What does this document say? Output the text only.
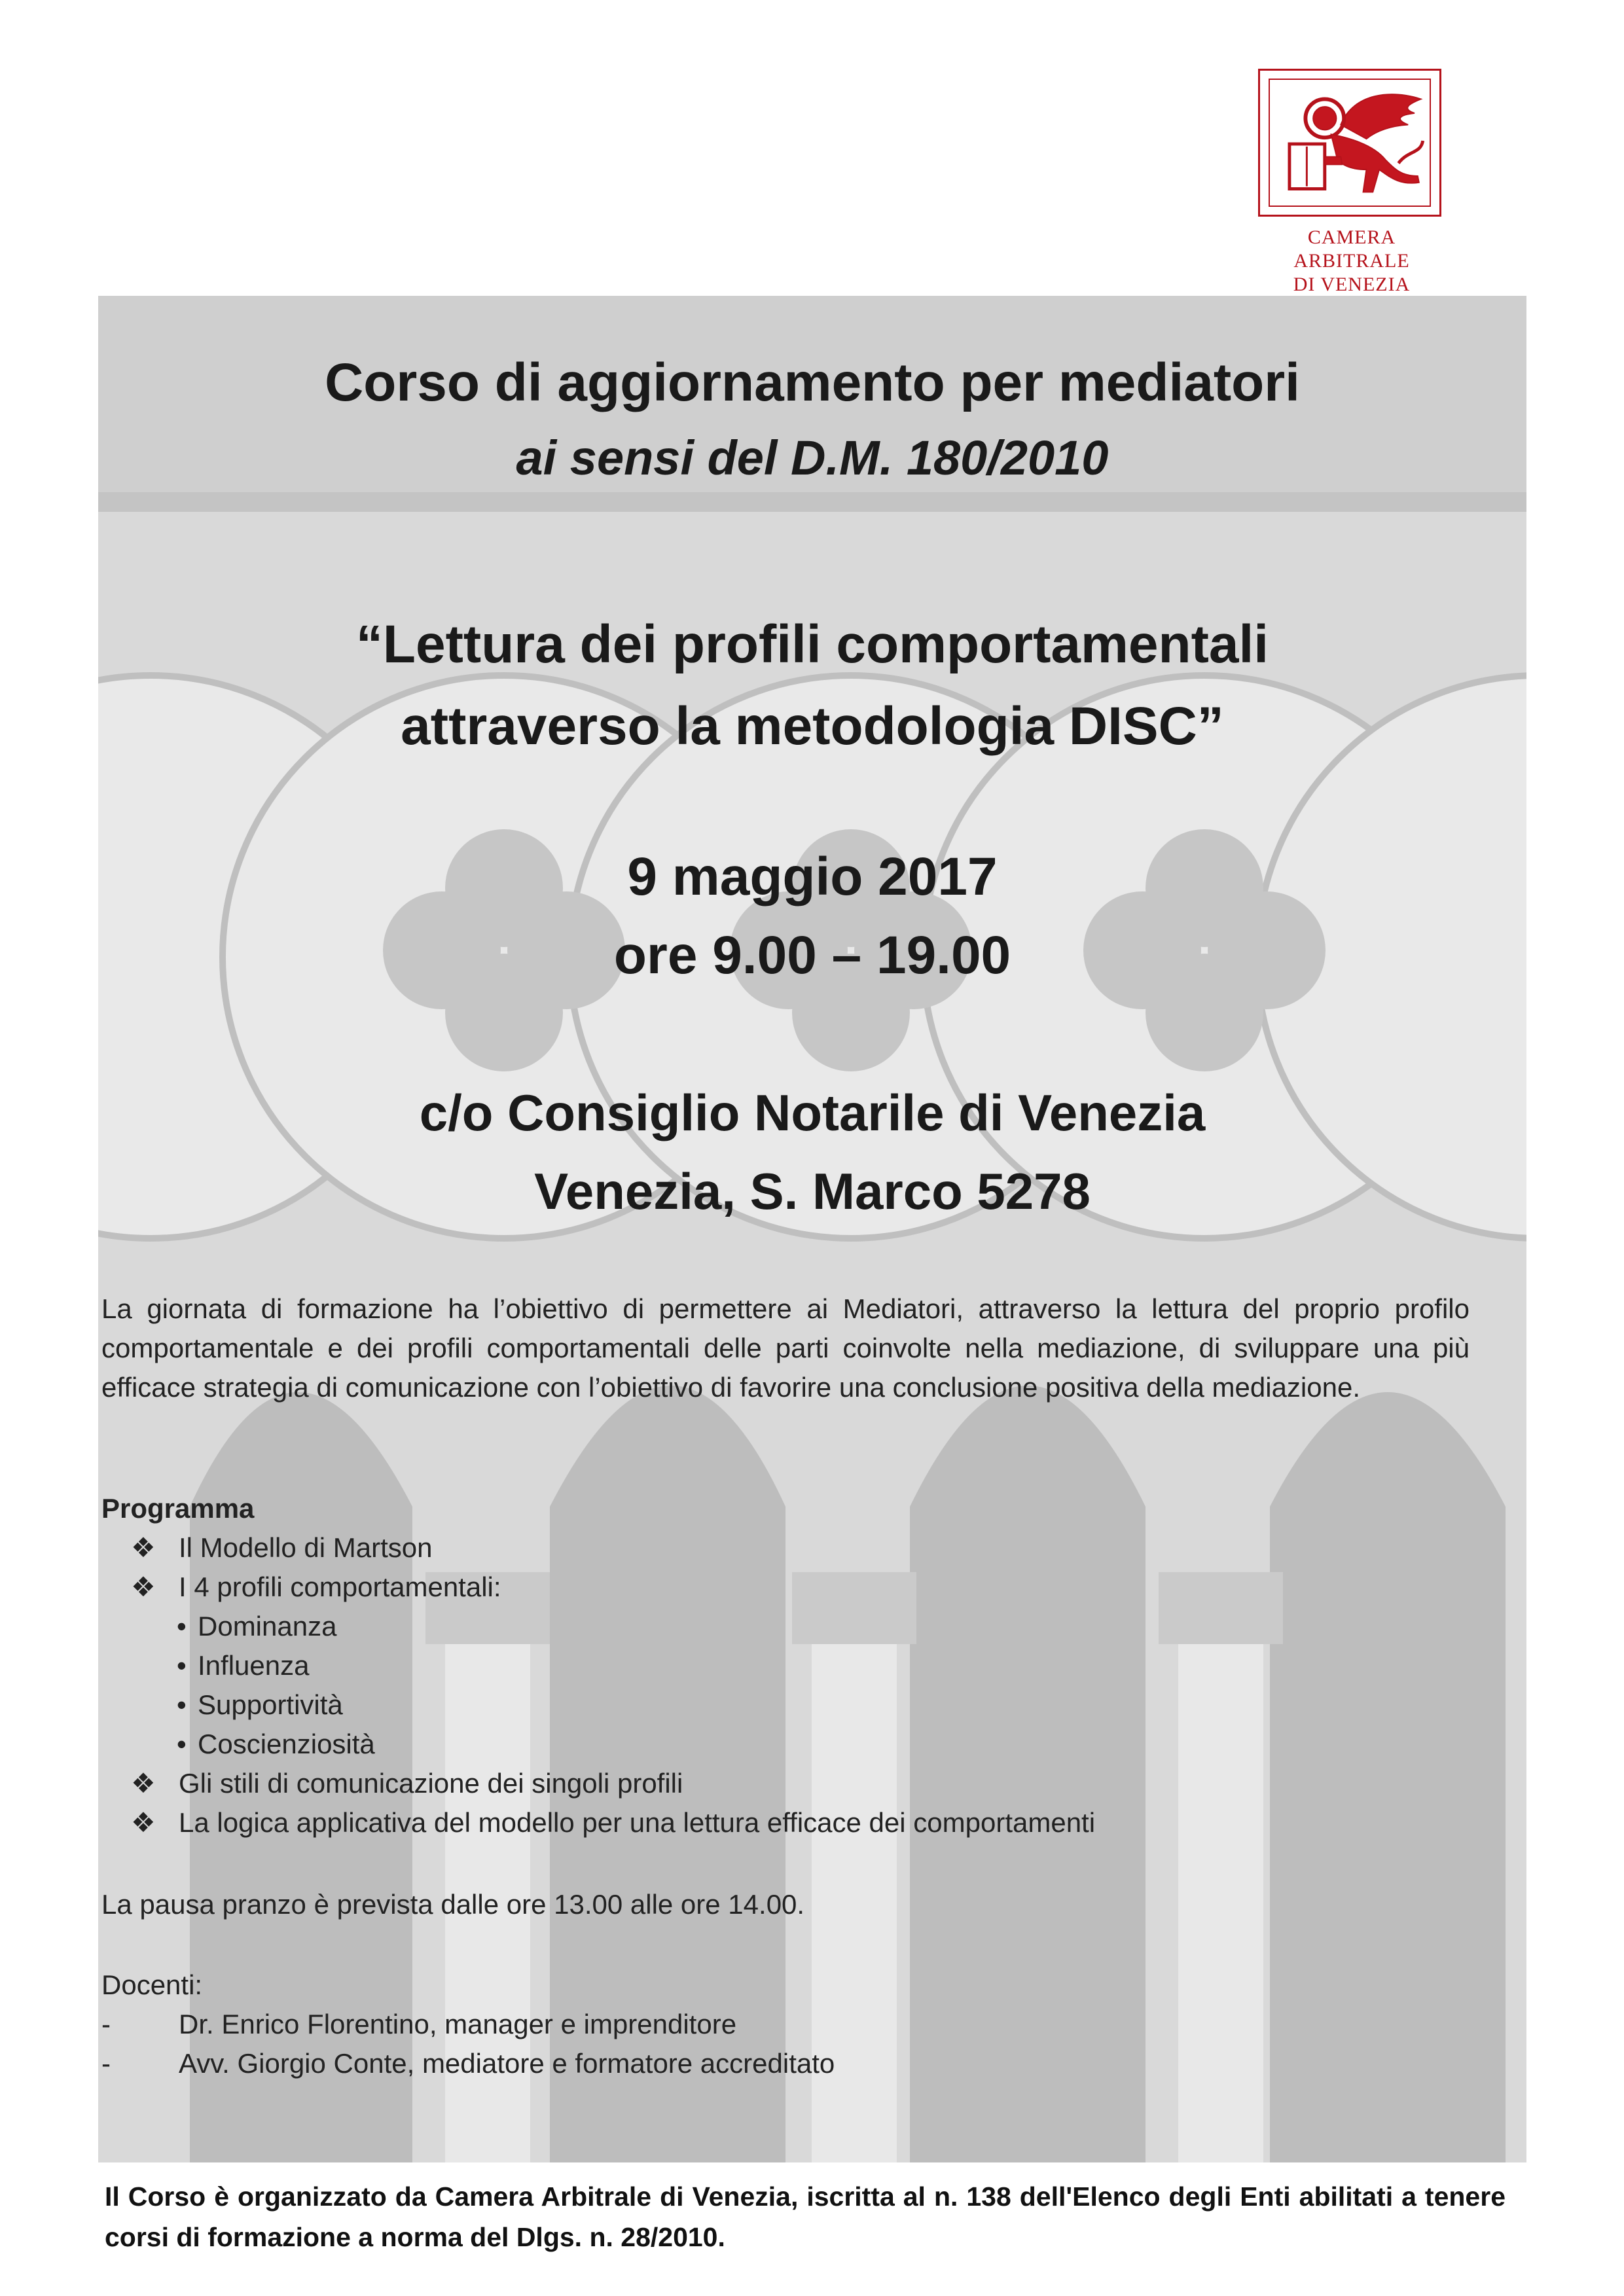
CAMERA ARBITRALE
DI VENEZIA
Corso di aggiornamento per mediatori
ai sensi del D.M. 180/2010
“Lettura dei profili comportamentali
attraverso la metodologia DISC”
9 maggio 2017
ore 9.00 – 19.00
c/o Consiglio Notarile di Venezia
Venezia, S. Marco 5278
La giornata di formazione ha l’obiettivo di permettere ai Mediatori, attraverso la lettura del proprio profilo comportamentale e dei profili comportamentali delle parti coinvolte nella mediazione, di sviluppare una più efficace strategia di comunicazione con l’obiettivo di favorire una conclusione positiva della mediazione.
Programma
❖ Il Modello di Martson
❖ I 4 profili comportamentali:
• Dominanza
• Influenza
• Supportività
• Coscienziosità
❖ Gli stili di comunicazione dei singoli profili
❖ La logica applicativa del modello per una lettura efficace dei comportamenti
La pausa pranzo è prevista dalle ore 13.00 alle ore 14.00.
Docenti:
- Dr. Enrico Florentino, manager e imprenditore
- Avv. Giorgio Conte, mediatore e formatore accreditato
Il Corso è organizzato da Camera Arbitrale di Venezia, iscritta al n. 138 dell'Elenco degli Enti abilitati a tenere corsi di formazione a norma del Dlgs. n. 28/2010.
